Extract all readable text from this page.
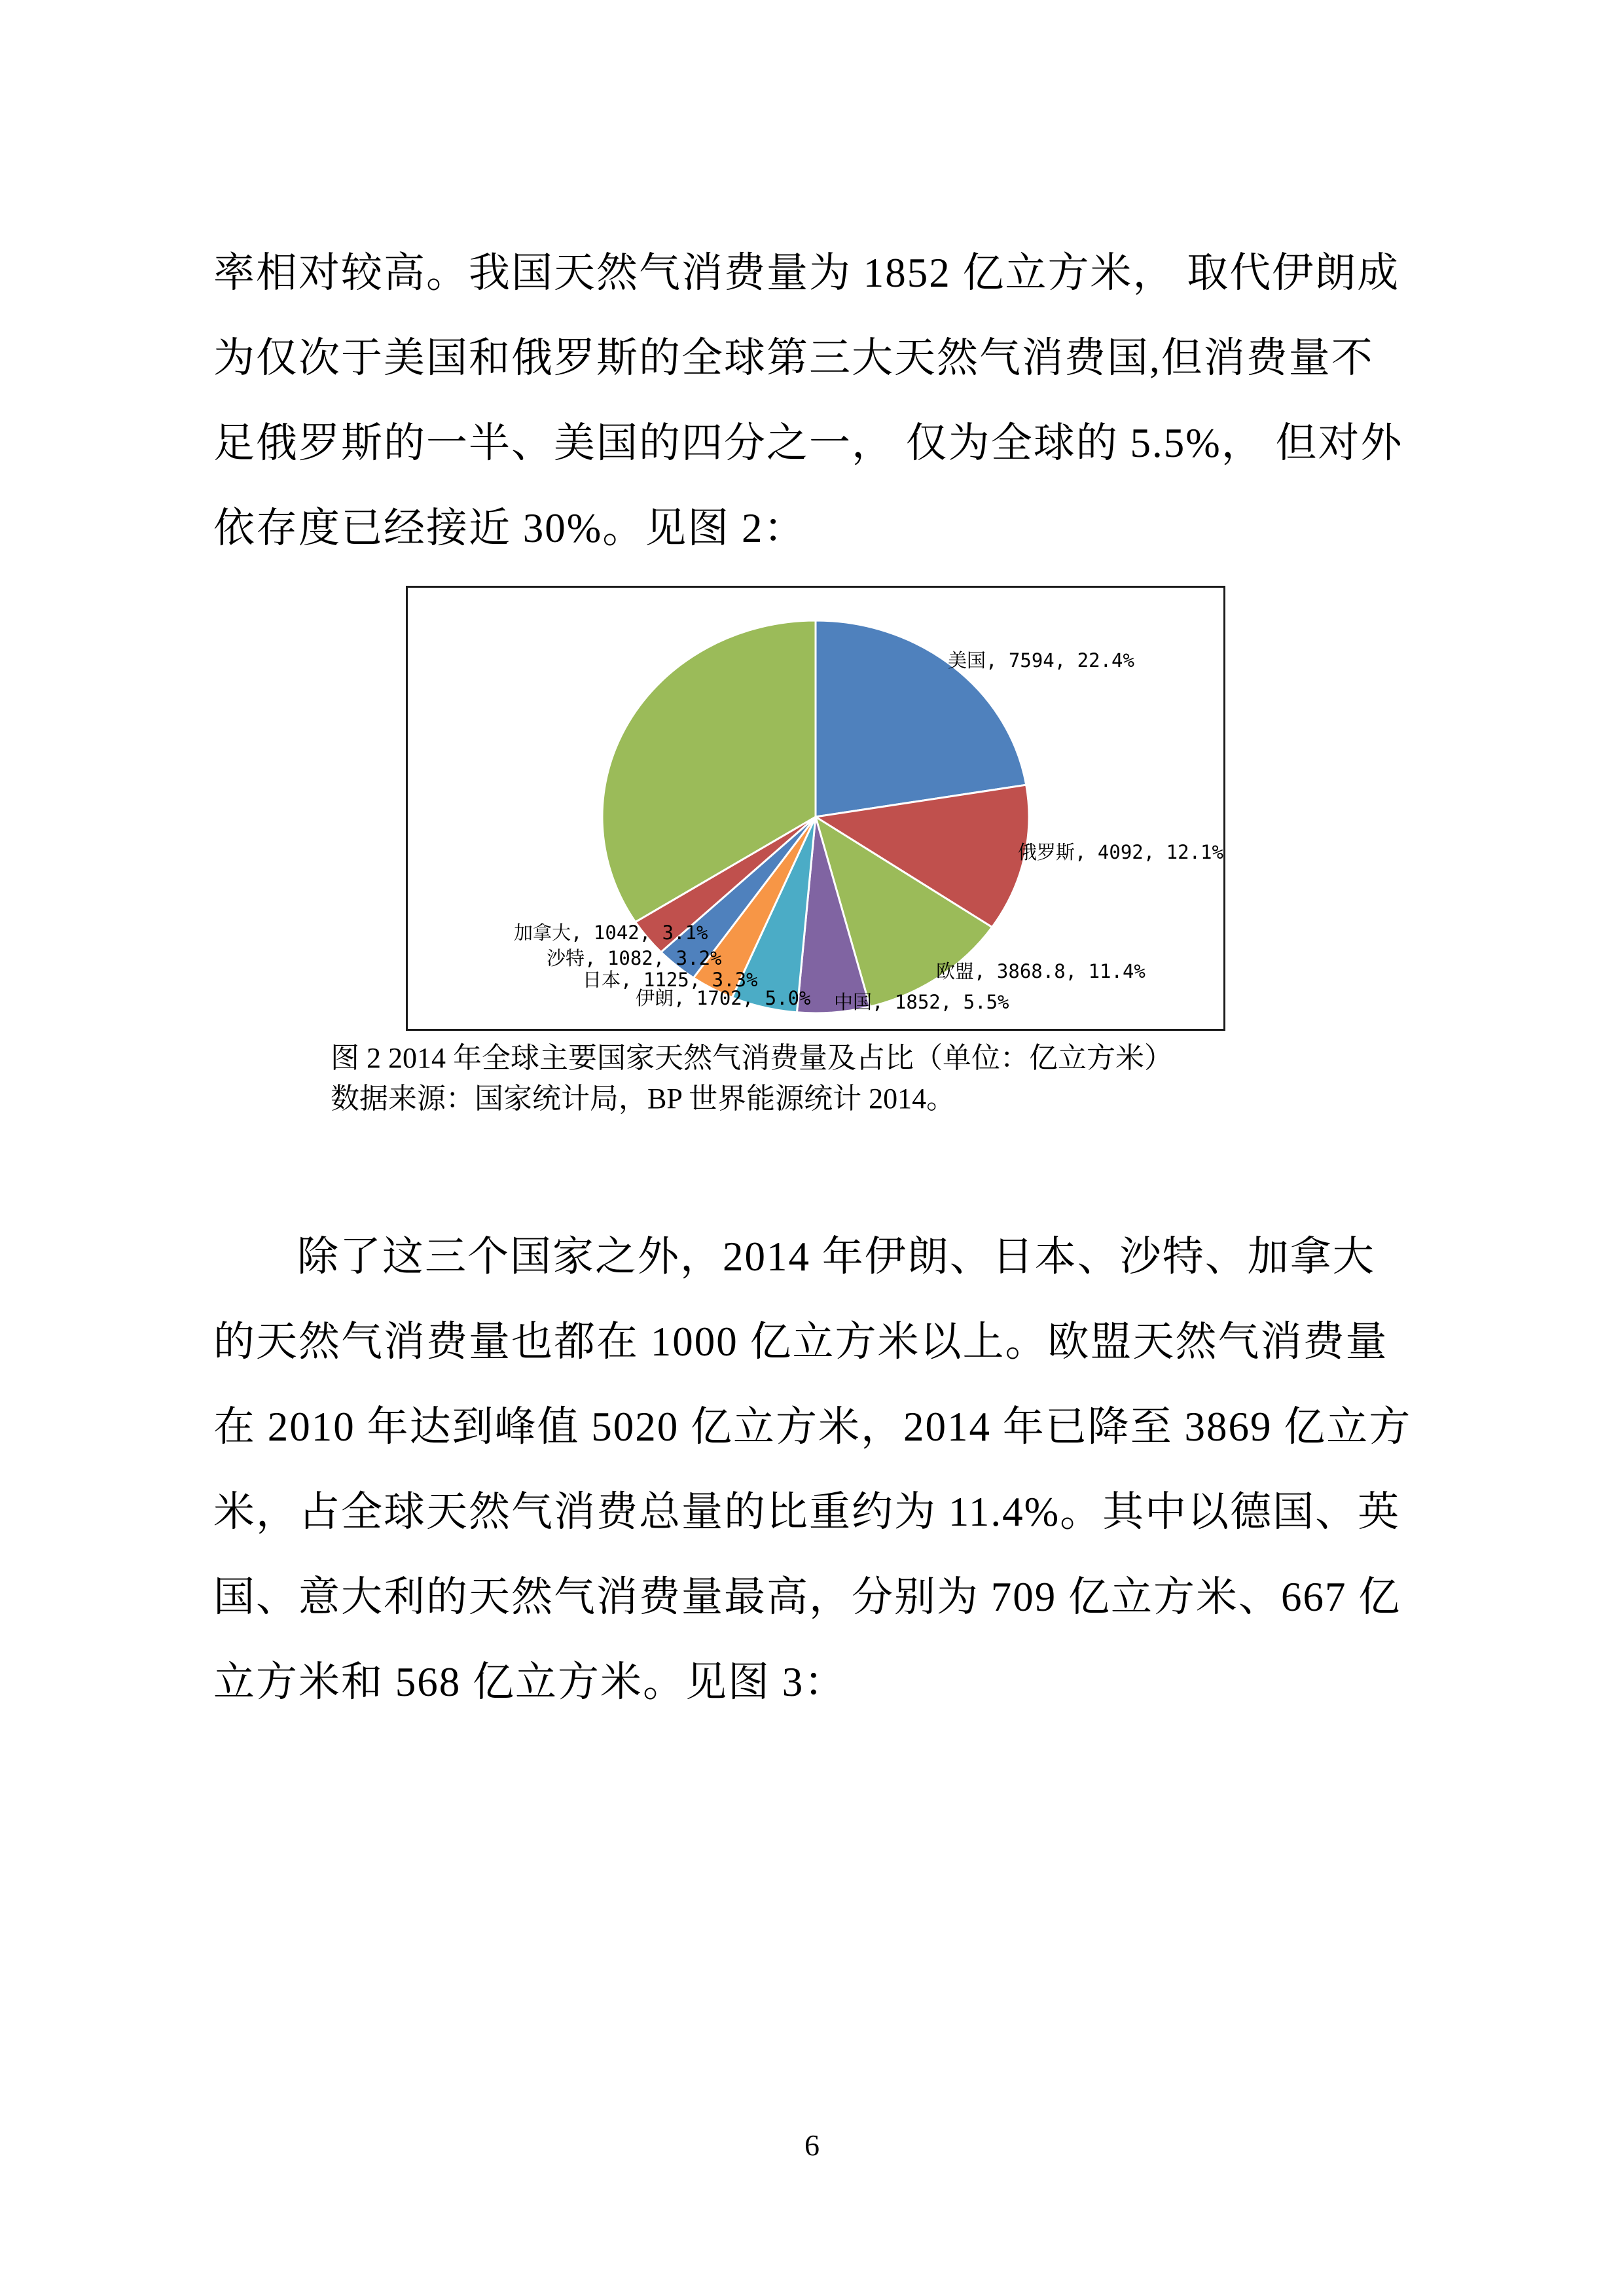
率相对较高。我国天然气消费量为 1852 亿立方米， 取代伊朗成
为仅次于美国和俄罗斯的全球第三大天然气消费国,但消费量不
足俄罗斯的一半、美国的四分之一， 仅为全球的 5.5%， 但对外
依存度已经接近 30%。见图 2：
美国, 7594, 22.4%
俄罗斯, 4092, 12.1%
欧盟, 3868.8, 11.4%
中国, 1852, 5.5%
伊朗, 1702, 5.0%
日本, 1125, 3.3%
沙特, 1082, 3.2%
加拿大, 1042, 3.1%
图 2 2014 年全球主要国家天然气消费量及占比（单位：亿立方米）
数据来源：国家统计局，BP 世界能源统计 2014。
除了这三个国家之外，2014 年伊朗、日本、沙特、加拿大
的天然气消费量也都在 1000 亿立方米以上。欧盟天然气消费量
在 2010 年达到峰值 5020 亿立方米，2014 年已降至 3869 亿立方
米，占全球天然气消费总量的比重约为 11.4%。其中以德国、英
国、意大利的天然气消费量最高，分别为 709 亿立方米、667 亿
立方米和 568 亿立方米。见图 3：
6
